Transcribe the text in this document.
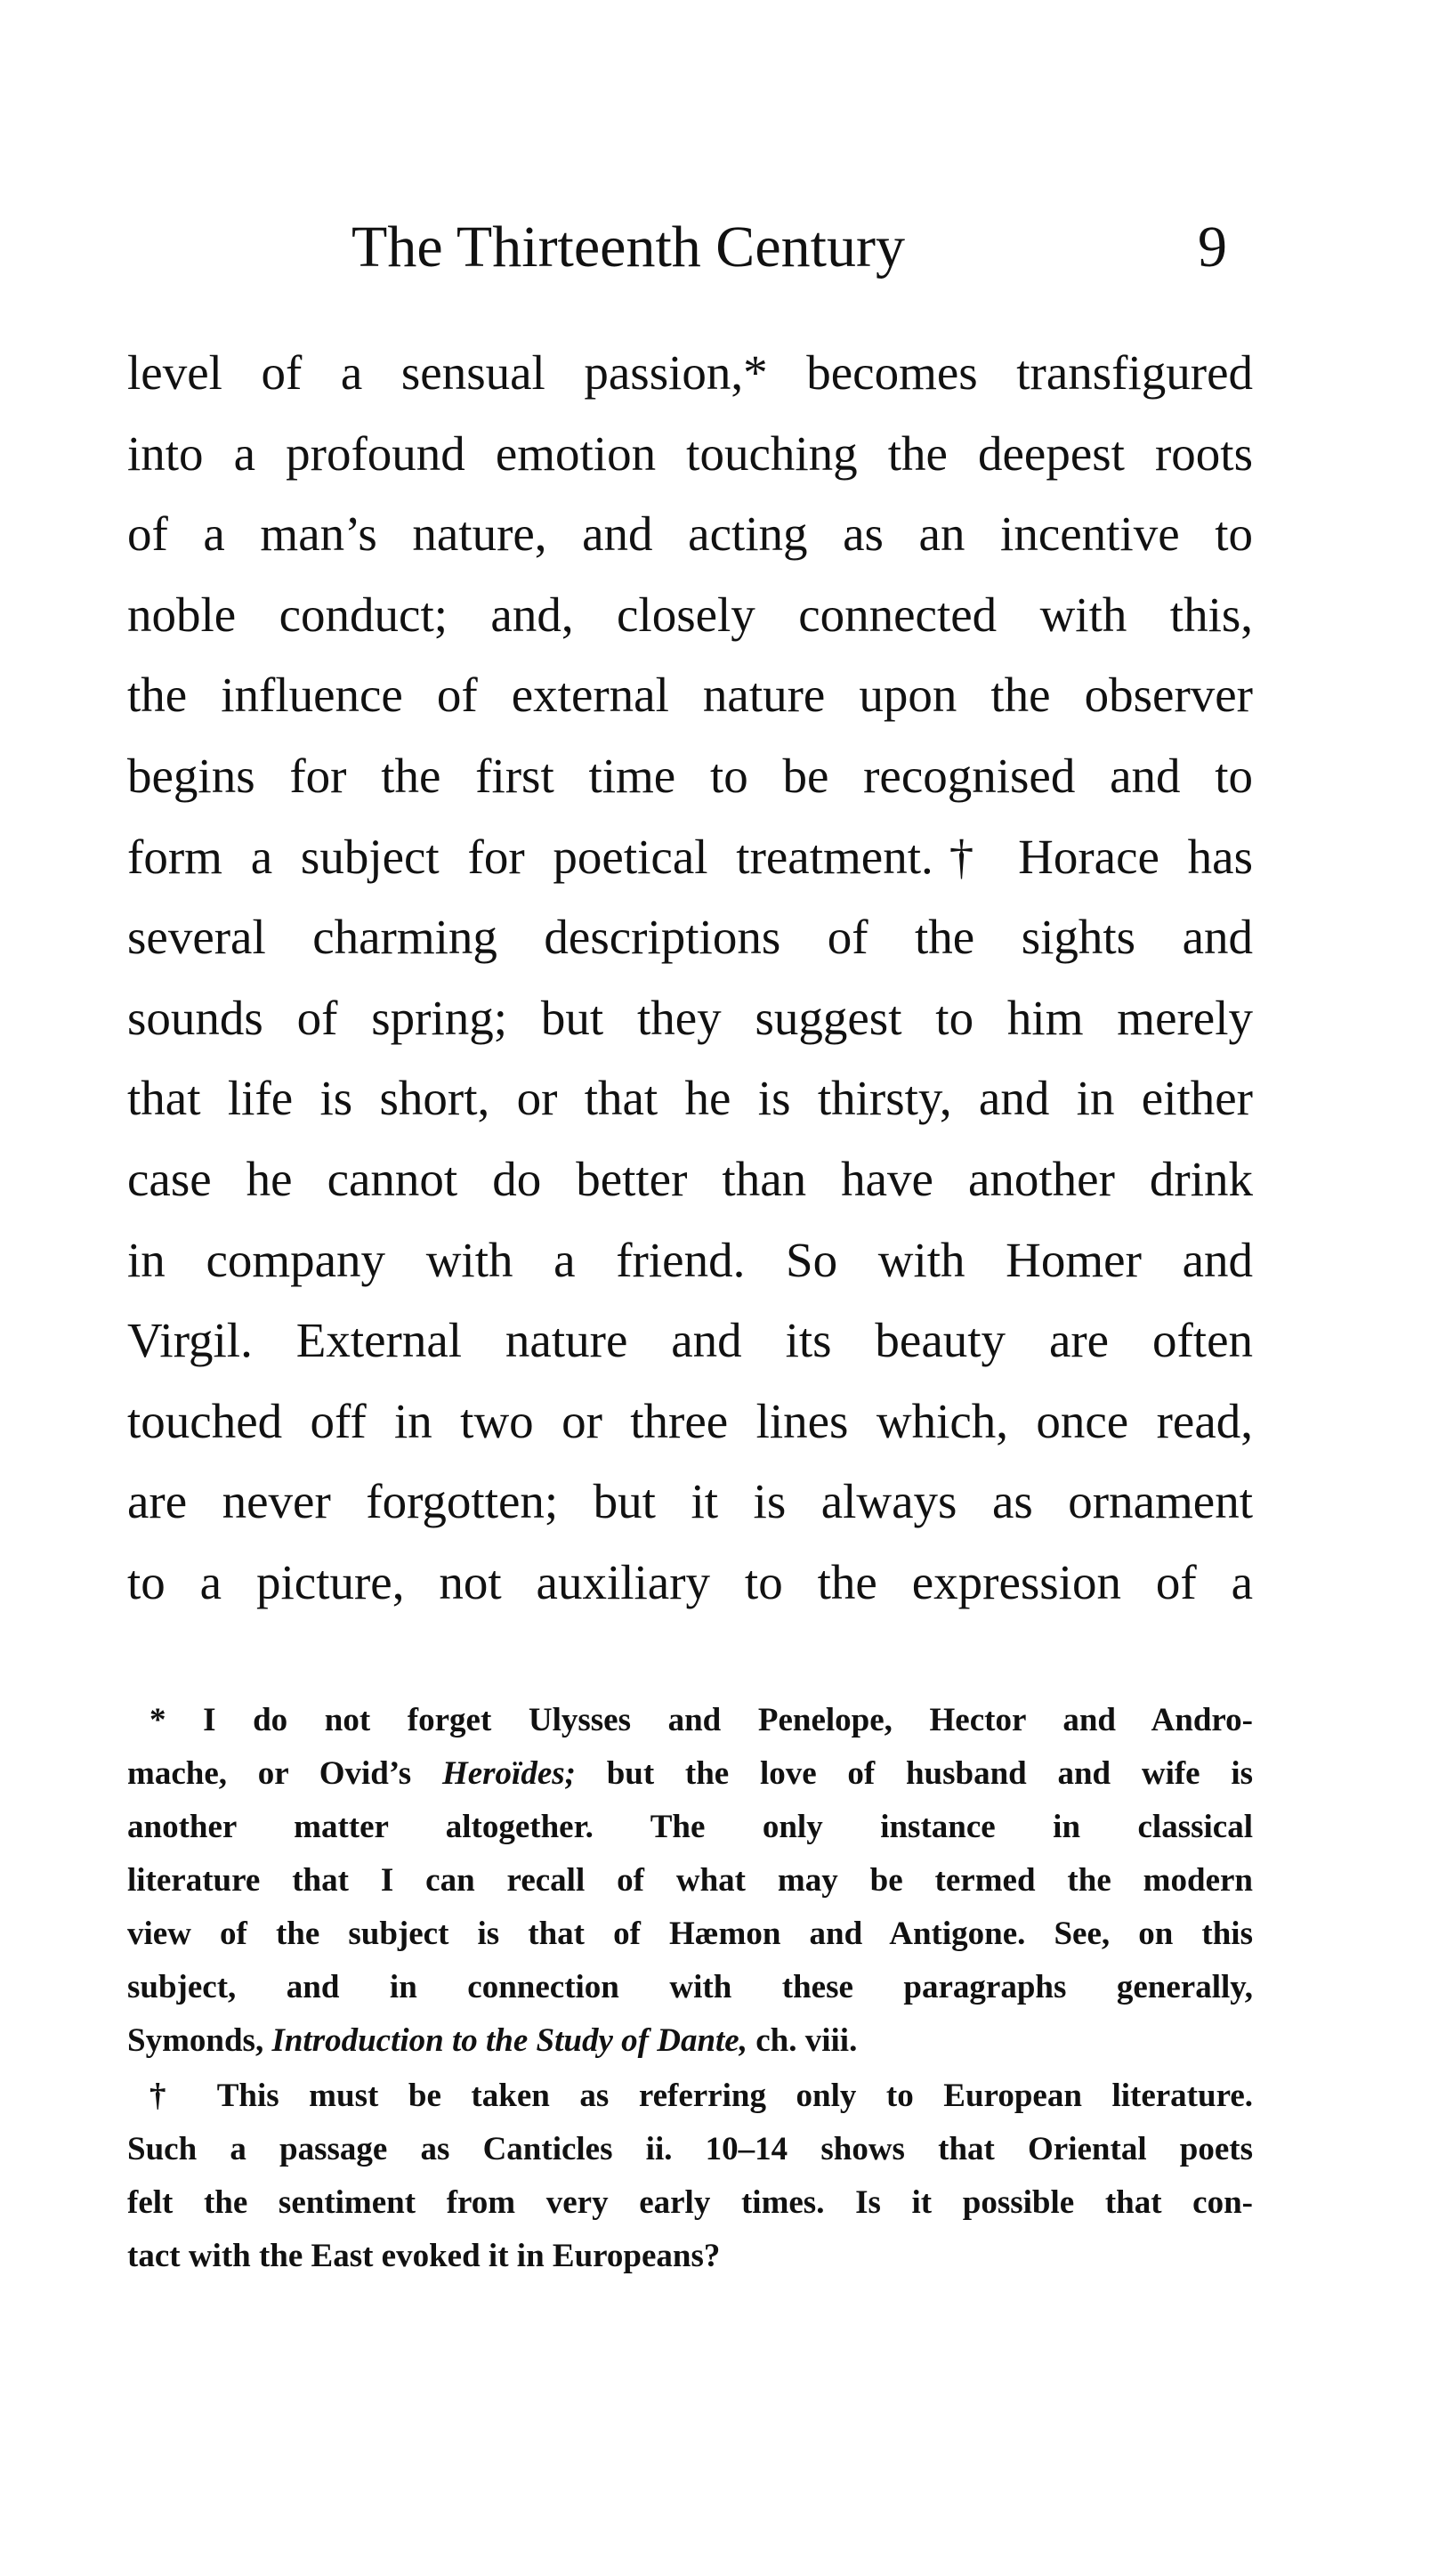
The Thirteenth Century	9
level of a sensual passion,* becomes transfigured
into a profound emotion touching the deepest roots
of a man’s nature, and acting as an incentive to
noble conduct; and, closely connected with this,
the influence of external nature upon the observer
begins for the first time to be recognised and to
form a subject for poetical treatment.† Horace has
several charming descriptions of the sights and
sounds of spring; but they suggest to him merely
that life is short, or that he is thirsty, and in either
case he cannot do better than have another drink
in company with a friend. So with Homer and
Virgil. External nature and its beauty are often
touched off in two or three lines which, once read,
are never forgotten; but it is always as ornament
to a picture, not auxiliary to the expression of a
* I do not forget Ulysses and Penelope, Hector and Andro-
mache, or Ovid’s Heroïdes; but the love of husband and wife is
another matter altogether. The only instance in classical
literature that I can recall of what may be termed the modern
view of the subject is that of Hæmon and Antigone. See, on this
subject, and in connection with these paragraphs generally,
Symonds, Introduction to the Study of Dante, ch. viii.
† This must be taken as referring only to European literature.
Such a passage as Canticles ii. 10–14 shows that Oriental poets
felt the sentiment from very early times. Is it possible that con-
tact with the East evoked it in Europeans?
